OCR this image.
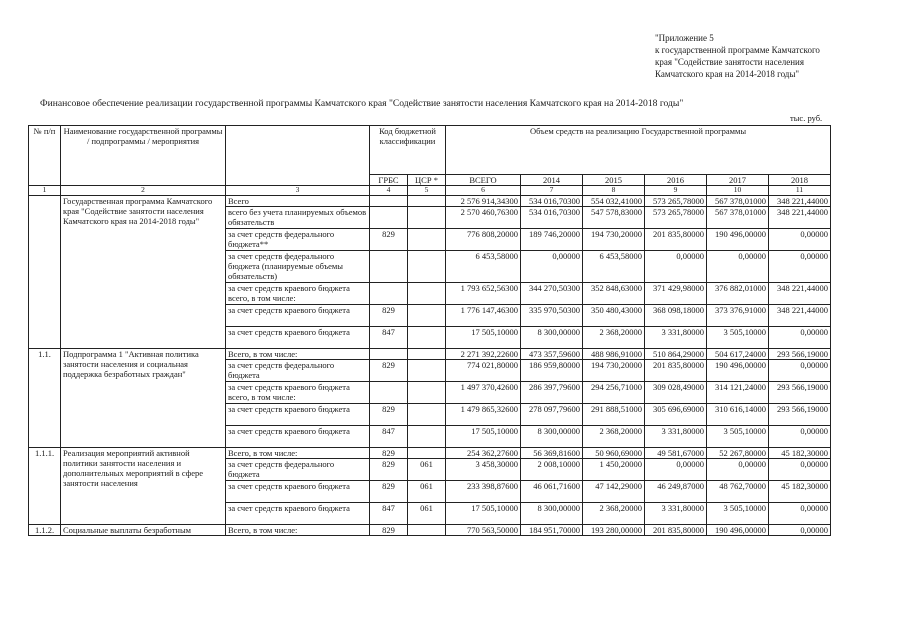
"Приложение 5
к государственной программе Камчатского
края "Содействие занятости населения
Камчатского края на 2014-2018 годы"
Финансовое обеспечение реализации государственной программы Камчатского края "Содействие занятости населения Камчатского края на 2014-2018 годы"
тыс. руб.
№ п/п	Наименование государственной программы / подпрограммы / мероприятия		Код бюджетной классификации		Объем средств на реализацию Государственной программы					
			ГРБС	ЦСР *	ВСЕГО	2014	2015	2016	2017	2018
1	2	3	4	5	6	7	8	9	10	11
	Государственная программа Камчатского края "Содействие занятости населения Камчатского края на 2014-2018 годы"	Всего			2 576 914,34300	534 016,70300	554 032,41000	573 265,78000	567 378,01000	348 221,44000
		всего без учета планируемых объемов обязательств			2 570 460,76300	534 016,70300	547 578,83000	573 265,78000	567 378,01000	348 221,44000
		за счет средств федерального бюджета**	829		776 808,20000	189 746,20000	194 730,20000	201 835,80000	190 496,00000	0,00000
		за счет средств федерального бюджета (планируемые объемы обязательств)			6 453,58000	0,00000	6 453,58000	0,00000	0,00000	0,00000
		за счет средств краевого бюджета всего, в том числе:			1 793 652,56300	344 270,50300	352 848,63000	371 429,98000	376 882,01000	348 221,44000
		за счет средств краевого бюджета	829		1 776 147,46300	335 970,50300	350 480,43000	368 098,18000	373 376,91000	348 221,44000
		за счет средств краевого бюджета	847		17 505,10000	8 300,00000	2 368,20000	3 331,80000	3 505,10000	0,00000
1.1.	Подпрограмма 1 "Активная политика занятости населения и социальная поддержка безработных граждан"	Всего, в том числе:			2 271 392,22600	473 357,59600	488 986,91000	510 864,29000	504 617,24000	293 566,19000
		за счет средств федерального бюджета	829		774 021,80000	186 959,80000	194 730,20000	201 835,80000	190 496,00000	0,00000
		за счет средств краевого бюджета всего, в том числе:			1 497 370,42600	286 397,79600	294 256,71000	309 028,49000	314 121,24000	293 566,19000
		за счет средств краевого бюджета	829		1 479 865,32600	278 097,79600	291 888,51000	305 696,69000	310 616,14000	293 566,19000
		за счет средств краевого бюджета	847		17 505,10000	8 300,00000	2 368,20000	3 331,80000	3 505,10000	0,00000
1.1.1.	Реализация мероприятий активной политики занятости населения и дополнительных мероприятий в сфере занятости населения	Всего, в том числе:	829		254 362,27600	56 369,81600	50 960,69000	49 581,67000	52 267,80000	45 182,30000
		за счет средств федерального бюджета	829	061	3 458,30000	2 008,10000	1 450,20000	0,00000	0,00000	0,00000
		за счет средств краевого бюджета	829	061	233 398,87600	46 061,71600	47 142,29000	46 249,87000	48 762,70000	45 182,30000
		за счет средств краевого бюджета	847	061	17 505,10000	8 300,00000	2 368,20000	3 331,80000	3 505,10000	0,00000
1.1.2.	Социальные выплаты безработным	Всего, в том числе:	829		770 563,50000	184 951,70000	193 280,00000	201 835,80000	190 496,00000	0,00000
